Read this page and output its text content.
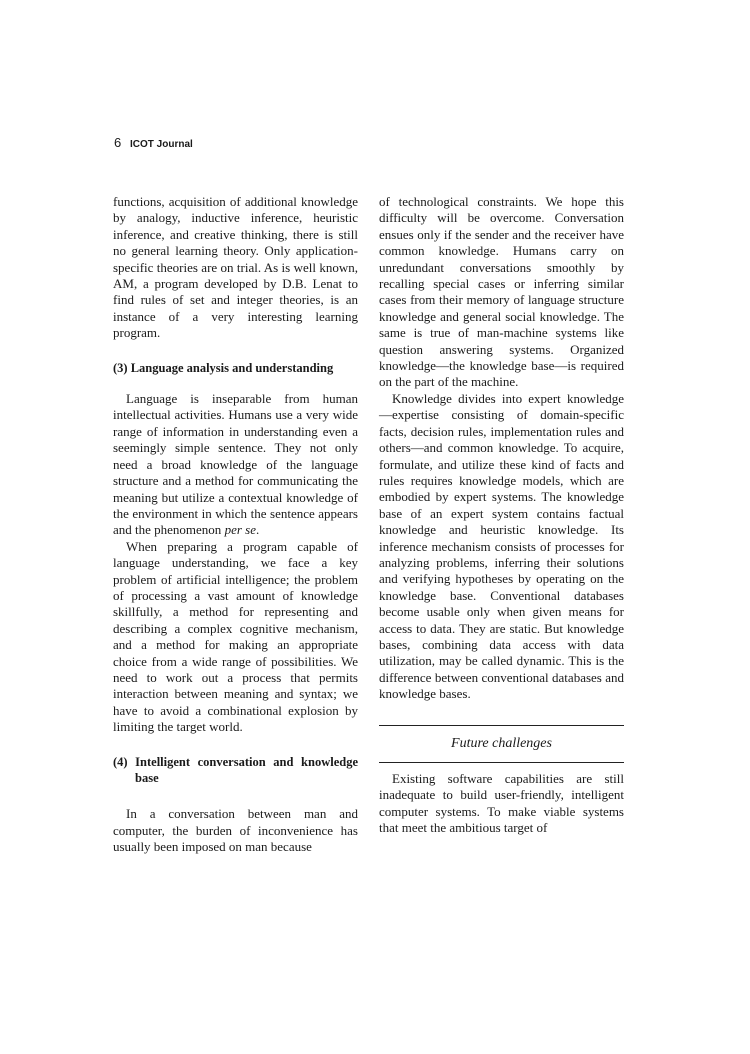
6 ICOT Journal

functions, acquisition of additional knowledge by analogy, inductive inference, heuristic inference, and creative thinking, there is still no general learning theory. Only application-specific theories are on trial. As is well known, AM, a program developed by D.B. Lenat to find rules of set and integer theories, is an instance of a very interesting learning program.

(3) Language analysis and understanding

Language is inseparable from human intellectual activities. Humans use a very wide range of information in understanding even a seemingly simple sentence. They not only need a broad knowledge of the language structure and a method for communicating the meaning but utilize a contextual knowledge of the environment in which the sentence appears and the phenomenon per se.

When preparing a program capable of language understanding, we face a key problem of artificial intelligence; the problem of processing a vast amount of knowledge skillfully, a method for representing and describing a complex cognitive mechanism, and a method for making an appropriate choice from a wide range of possibilities. We need to work out a process that permits interaction between meaning and syntax; we have to avoid a combinational explosion by limiting the target world.

(4) Intelligent conversation and knowledge base

In a conversation between man and computer, the burden of inconvenience has usually been imposed on man because

of technological constraints. We hope this difficulty will be overcome. Conversation ensues only if the sender and the receiver have common knowledge. Humans carry on unredundant conversations smoothly by recalling special cases or inferring similar cases from their memory of language structure knowledge and general social knowledge. The same is true of man-machine systems like question answering systems. Organized knowledge—the knowledge base—is required on the part of the machine.

Knowledge divides into expert knowledge—expertise consisting of domain-specific facts, decision rules, implementation rules and others—and common knowledge. To acquire, formulate, and utilize these kind of facts and rules requires knowledge models, which are embodied by expert systems. The knowledge base of an expert system contains factual knowledge and heuristic knowledge. Its inference mechanism consists of processes for analyzing problems, inferring their solutions and verifying hypotheses by operating on the knowledge base. Conventional databases become usable only when given means for access to data. They are static. But knowledge bases, combining data access with data utilization, may be called dynamic. This is the difference between conventional databases and knowledge bases.

Future challenges

Existing software capabilities are still inadequate to build user-friendly, intelligent computer systems. To make viable systems that meet the ambitious target of
